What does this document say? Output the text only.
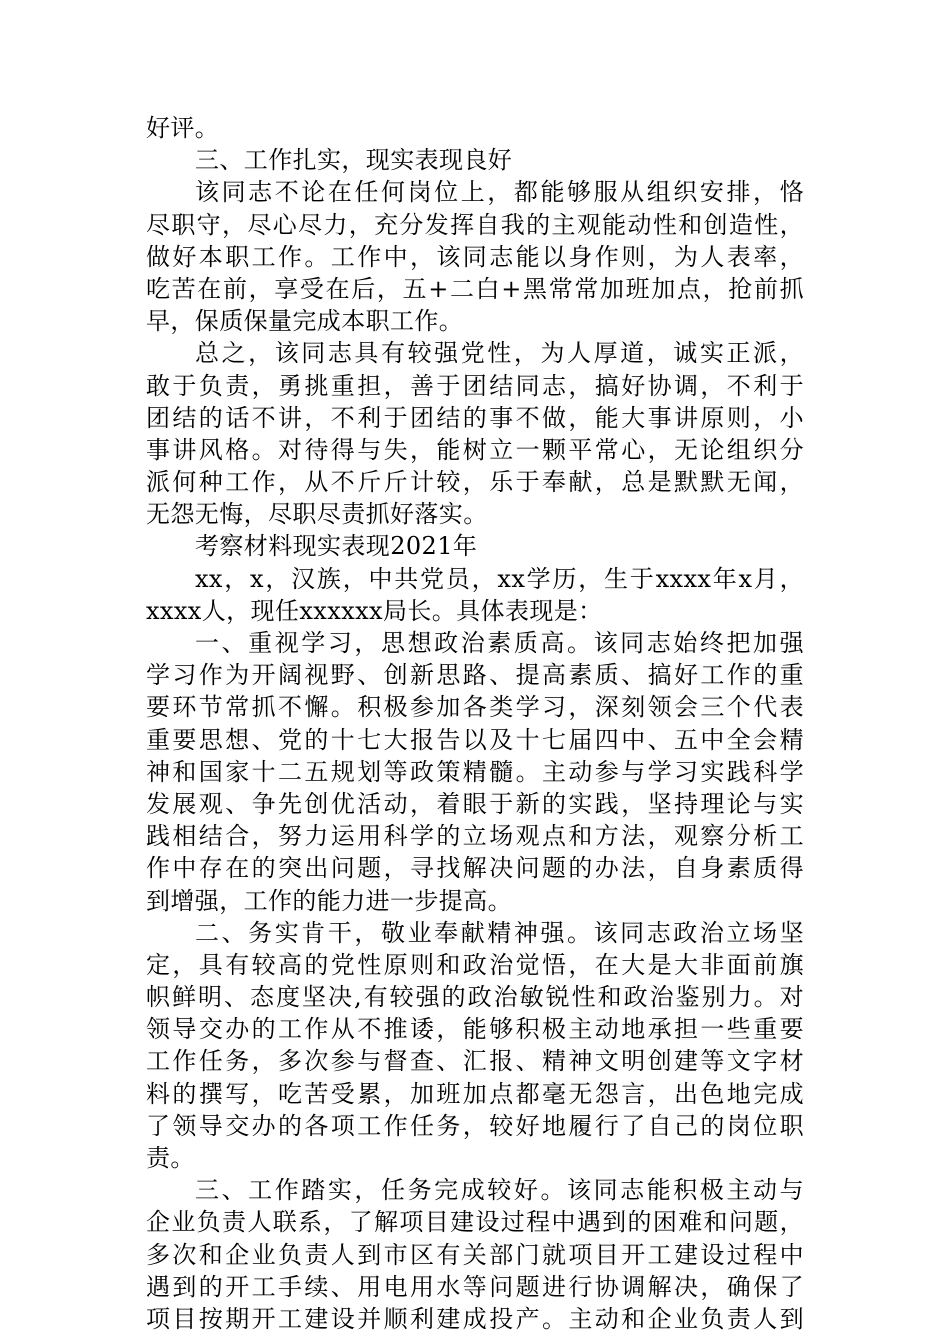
好评。
三、工作扎实，现实表现良好
该同志不论在任何岗位上，都能够服从组织安排，恪
尽职守，尽心尽力，充分发挥自我的主观能动性和创造性，
做好本职工作。工作中，该同志能以身作则，为人表率，
吃苦在前，享受在后，五+二白+黑常常加班加点，抢前抓
早，保质保量完成本职工作。
总之，该同志具有较强党性，为人厚道，诚实正派，
敢于负责，勇挑重担，善于团结同志，搞好协调，不利于
团结的话不讲，不利于团结的事不做，能大事讲原则，小
事讲风格。对待得与失，能树立一颗平常心，无论组织分
派何种工作，从不斤斤计较，乐于奉献，总是默默无闻，
无怨无悔，尽职尽责抓好落实。
考察材料现实表现2021年
xx，x，汉族，中共党员，xx学历，生于xxxx年x月，
xxxx人，现任xxxxxx局长。具体表现是：
一、重视学习，思想政治素质高。该同志始终把加强
学习作为开阔视野、创新思路、提高素质、搞好工作的重
要环节常抓不懈。积极参加各类学习，深刻领会三个代表
重要思想、党的十七大报告以及十七届四中、五中全会精
神和国家十二五规划等政策精髓。主动参与学习实践科学
发展观、争先创优活动，着眼于新的实践，坚持理论与实
践相结合，努力运用科学的立场观点和方法，观察分析工
作中存在的突出问题，寻找解决问题的办法，自身素质得
到增强，工作的能力进一步提高。
二、务实肯干，敬业奉献精神强。该同志政治立场坚
定，具有较高的党性原则和政治觉悟，在大是大非面前旗
帜鲜明、态度坚决,有较强的政治敏锐性和政治鉴别力。对
领导交办的工作从不推诿，能够积极主动地承担一些重要
工作任务，多次参与督查、汇报、精神文明创建等文字材
料的撰写，吃苦受累，加班加点都毫无怨言，出色地完成
了领导交办的各项工作任务，较好地履行了自己的岗位职
责。
三、工作踏实，任务完成较好。该同志能积极主动与
企业负责人联系，了解项目建设过程中遇到的困难和问题，
多次和企业负责人到市区有关部门就项目开工建设过程中
遇到的开工手续、用电用水等问题进行协调解决，确保了
项目按期开工建设并顺利建成投产。主动和企业负责人到
